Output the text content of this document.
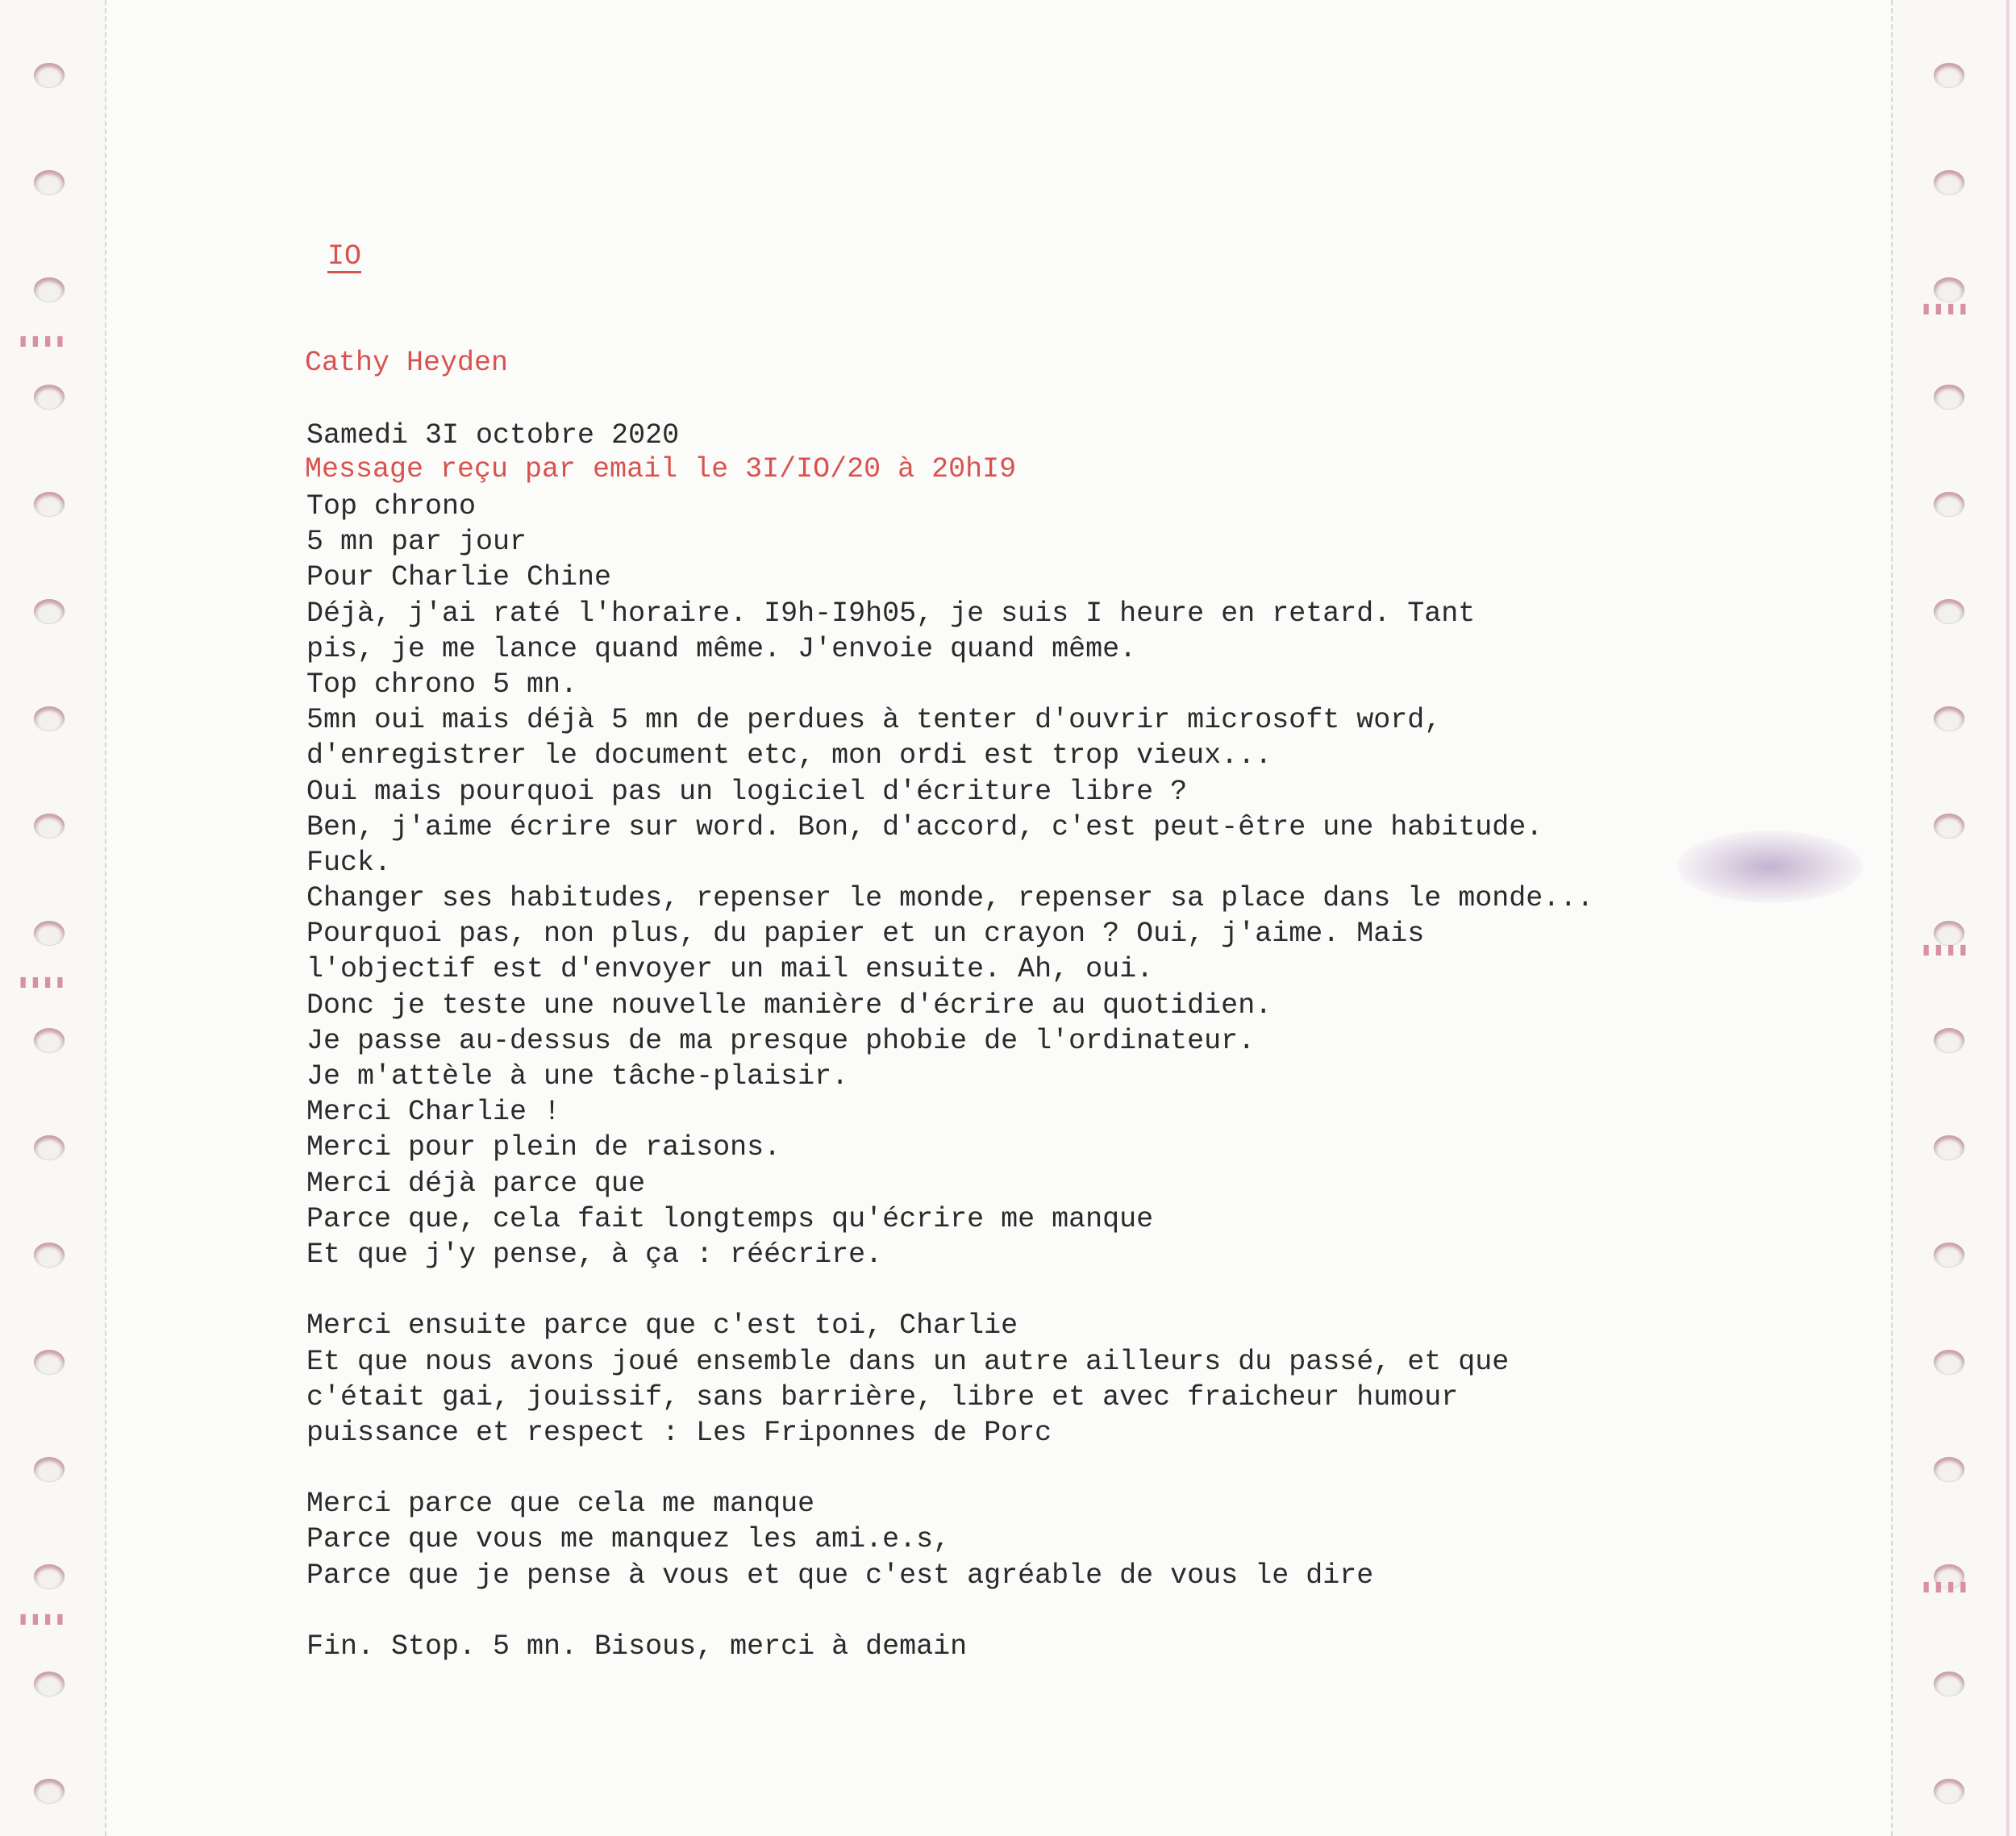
▮▮▮▮
▮▮▮▮
▮▮▮▮
▮▮▮▮
▮▮▮▮
▮▮▮▮

IO

Cathy Heyden

Message reçu par email le 3I/IO/20 à 20hI9

Samedi 3I octobre 2020
Top chrono
5 mn par jour
Pour Charlie Chine
Déjà, j'ai raté l'horaire. I9h-I9h05, je suis I heure en retard. Tant
pis, je me lance quand même. J'envoie quand même.
Top chrono 5 mn.
5mn oui mais déjà 5 mn de perdues à tenter d'ouvrir microsoft word,
d'enregistrer le document etc, mon ordi est trop vieux...
Oui mais pourquoi pas un logiciel d'écriture libre ?
Ben, j'aime écrire sur word. Bon, d'accord, c'est peut-être une habitude.
Fuck.
Changer ses habitudes, repenser le monde, repenser sa place dans le monde...
Pourquoi pas, non plus, du papier et un crayon ? Oui, j'aime. Mais
l'objectif est d'envoyer un mail ensuite. Ah, oui.
Donc je teste une nouvelle manière d'écrire au quotidien.
Je passe au-dessus de ma presque phobie de l'ordinateur.
Je m'attèle à une tâche-plaisir.
Merci Charlie !
Merci pour plein de raisons.
Merci déjà parce que
Parce que, cela fait longtemps qu'écrire me manque
Et que j'y pense, à ça : réécrire.
Merci ensuite parce que c'est toi, Charlie
Et que nous avons joué ensemble dans un autre ailleurs du passé, et que
c'était gai, jouissif, sans barrière, libre et avec fraicheur humour
puissance et respect : Les Friponnes de Porc
Merci parce que cela me manque
Parce que vous me manquez les ami.e.s,
Parce que je pense à vous et que c'est agréable de vous le dire
Fin. Stop. 5 mn. Bisous, merci à demain
